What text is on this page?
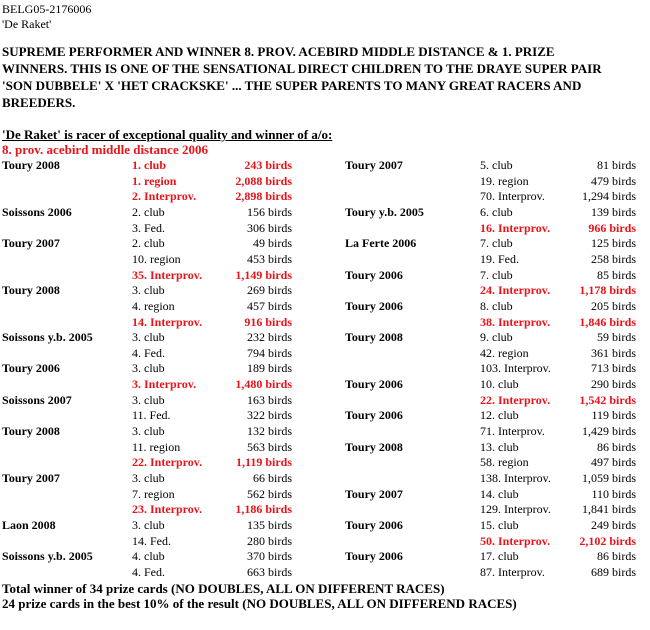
BELG05-2176006
'De Raket'
SUPREME PERFORMER AND WINNER 8. PROV. ACEBIRD MIDDLE DISTANCE & 1. PRIZE
WINNERS. THIS IS ONE OF THE SENSATIONAL DIRECT CHILDREN TO THE DRAYE SUPER PAIR
'SON DUBBELE' X 'HET CRACKSKE' ... THE SUPER PARENTS TO MANY GREAT RACERS AND
BREEDERS.
'De Raket' is racer of exceptional quality and winner of a/o:
8. prov. acebird middle distance 2006
Toury 2008	1. club	243 birds
1. region	2,088 birds
2. Interprov.	2,898 birds
Soissons 2006	2. club	156 birds
3. Fed.	306 birds
Toury 2007	2. club	49 birds
10. region	453 birds
35. Interprov.	1,149 birds
Toury 2008	3. club	269 birds
4. region	457 birds
14. Interprov.	916 birds
Soissons y.b. 2005	3. club	232 birds
4. Fed.	794 birds
Toury 2006	3. club	189 birds
3. Interprov.	1,480 birds
Soissons 2007	3. club	163 birds
11. Fed.	322 birds
Toury 2008	3. club	132 birds
11. region	563 birds
22. Interprov.	1,119 birds
Toury 2007	3. club	66 birds
7. region	562 birds
23. Interprov.	1,186 birds
Laon 2008	3. club	135 birds
14. Fed.	280 birds
Soissons y.b. 2005	4. club	370 birds
4. Fed.	663 birds
Toury 2007	5. club	81 birds
19. region	479 birds
70. Interprov.	1,294 birds
Toury y.b. 2005	6. club	139 birds
16. Interprov.	966 birds
La Ferte 2006	7. club	125 birds
19. Fed.	258 birds
Toury 2006	7. club	85 birds
24. Interprov. 1,178 birds
Toury 2006	8. club	205 birds
38. Interprov. 1,846 birds
Toury 2008	9. club	59 birds
42. region	361 birds
103. Interprov.	713 birds
Toury 2006	10. club	290 birds
22. Interprov. 1,542 birds
Toury 2006	12. club	119 birds
71. Interprov.	1,429 birds
Toury 2008	13. club	86 birds
58. region	497 birds
138. Interprov.	1,059 birds
Toury 2007	14. club	110 birds
129. Interprov.	1,841 birds
Toury 2006	15. club	249 birds
50. Interprov. 2,102 birds
Toury 2006	17. club	86 birds
87. Interprov.	689 birds
Total winner of 34 prize cards (NO DOUBLES, ALL ON DIFFERENT RACES)
24 prize cards in the best 10% of the result (NO DOUBLES, ALL ON DIFFEREND RACES)
